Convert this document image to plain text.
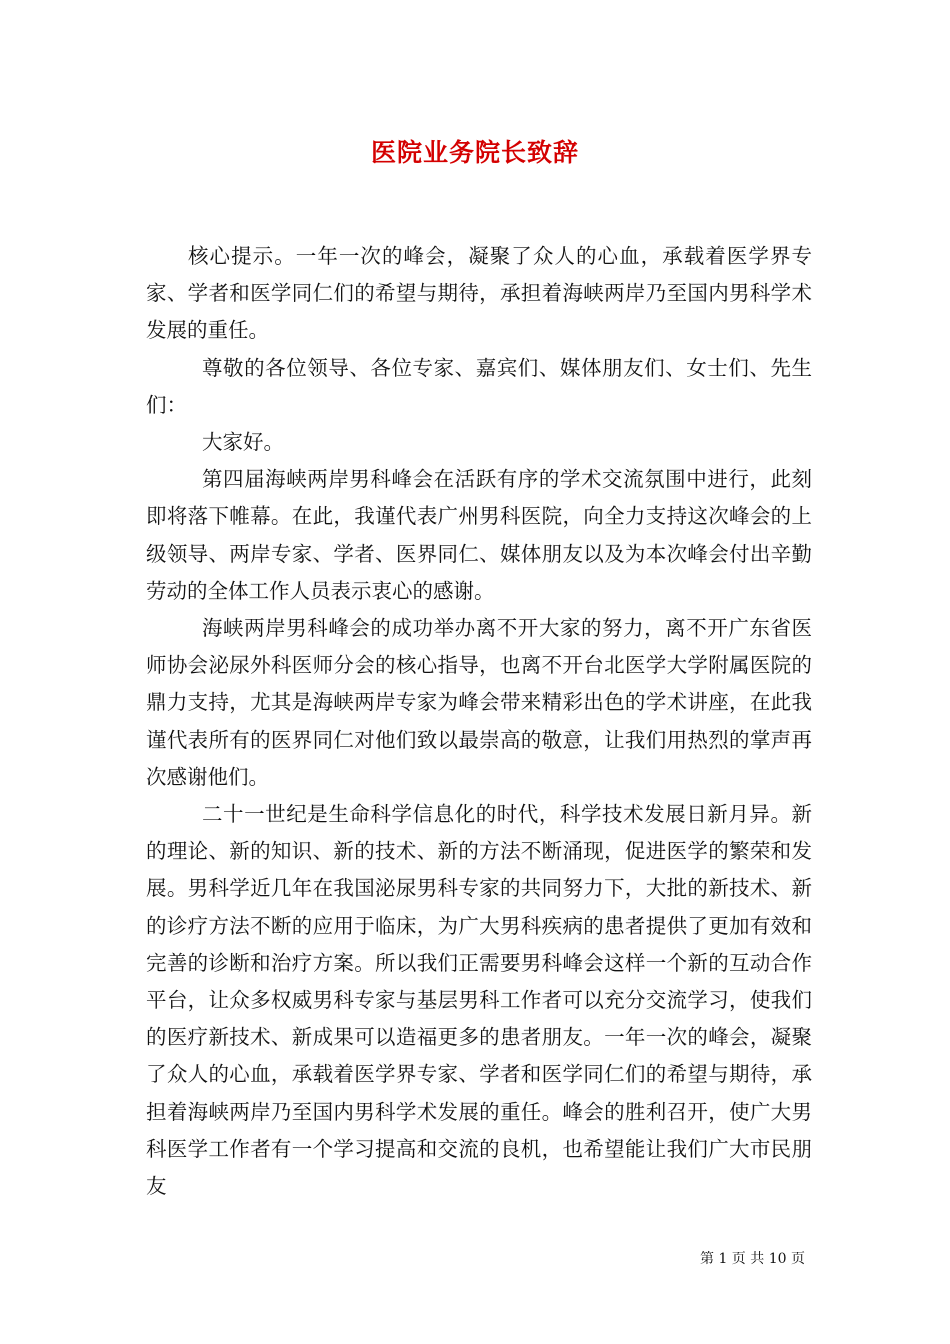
医院业务院长致辞

核心提示。一年一次的峰会，凝聚了众人的心血，承载着医学界专家、学者和医学同仁们的希望与期待，承担着海峡两岸乃至国内男科学术发展的重任。

尊敬的各位领导、各位专家、嘉宾们、媒体朋友们、女士们、先生们：

大家好。

第四届海峡两岸男科峰会在活跃有序的学术交流氛围中进行，此刻即将落下帷幕。在此，我谨代表广州男科医院，向全力支持这次峰会的上级领导、两岸专家、学者、医界同仁、媒体朋友以及为本次峰会付出辛勤劳动的全体工作人员表示衷心的感谢。

海峡两岸男科峰会的成功举办离不开大家的努力，离不开广东省医师协会泌尿外科医师分会的核心指导，也离不开台北医学大学附属医院的鼎力支持，尤其是海峡两岸专家为峰会带来精彩出色的学术讲座，在此我谨代表所有的医界同仁对他们致以最崇高的敬意，让我们用热烈的掌声再次感谢他们。

二十一世纪是生命科学信息化的时代，科学技术发展日新月异。新的理论、新的知识、新的技术、新的方法不断涌现，促进医学的繁荣和发展。男科学近几年在我国泌尿男科专家的共同努力下，大批的新技术、新的诊疗方法不断的应用于临床，为广大男科疾病的患者提供了更加有效和完善的诊断和治疗方案。所以我们正需要男科峰会这样一个新的互动合作平台，让众多权威男科专家与基层男科工作者可以充分交流学习，使我们的医疗新技术、新成果可以造福更多的患者朋友。一年一次的峰会，凝聚了众人的心血，承载着医学界专家、学者和医学同仁们的希望与期待，承担着海峡两岸乃至国内男科学术发展的重任。峰会的胜利召开，使广大男科医学工作者有一个学习提高和交流的良机，也希望能让我们广大市民朋友

第 1 页 共 10 页
